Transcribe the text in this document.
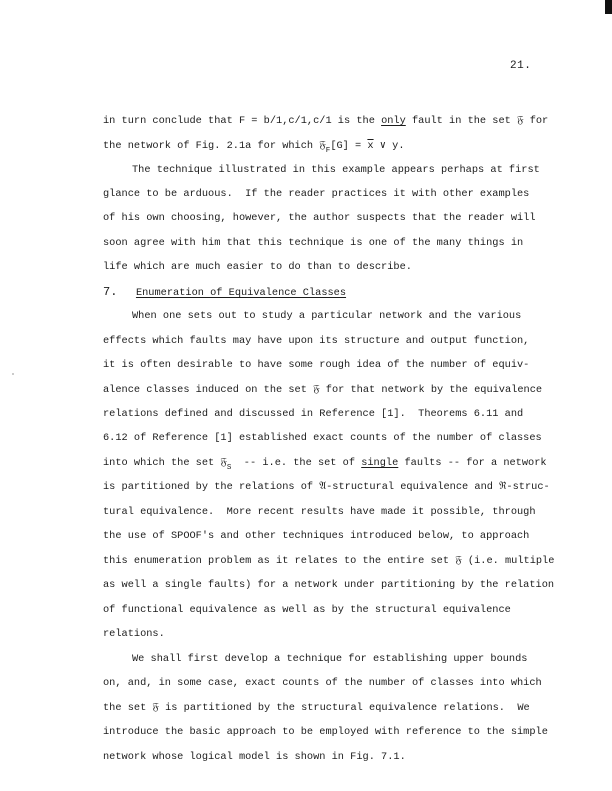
21.
in turn conclude that F = b/1,c/1,c/1 is the only fault in the set 𝔉 for
the network of Fig. 2.1a for which 𝔉$_F$[G] = $\overline{x}$ ∨ y.
The technique illustrated in this example appears perhaps at first
glance to be arduous.  If the reader practices it with other examples
of his own choosing, however, the author suspects that the reader will
soon agree with him that this technique is one of the many things in
life which are much easier to do than to describe.
7. Enumeration of Equivalence Classes
When one sets out to study a particular network and the various
effects which faults may have upon its structure and output function,
it is often desirable to have some rough idea of the number of equiv-
alence classes induced on the set 𝔉 for that network by the equivalence
relations defined and discussed in Reference [1].  Theorems 6.11 and
6.12 of Reference [1] established exact counts of the number of classes
into which the set 𝔉$_S$  -- i.e. the set of single faults -- for a network
is partitioned by the relations of 𝔄-structural equivalence and ℜ-struc-
tural equivalence.  More recent results have made it possible, through
the use of SPOOF's and other techniques introduced below, to approach
this enumeration problem as it relates to the entire set 𝔉 (i.e. multiple
as well a single faults) for a network under partitioning by the relation
of functional equivalence as well as by the structural equivalence
relations.
We shall first develop a technique for establishing upper bounds
on, and, in some case, exact counts of the number of classes into which
the set 𝔉 is partitioned by the structural equivalence relations.  We
introduce the basic approach to be employed with reference to the simple
network whose logical model is shown in Fig. 7.1.
